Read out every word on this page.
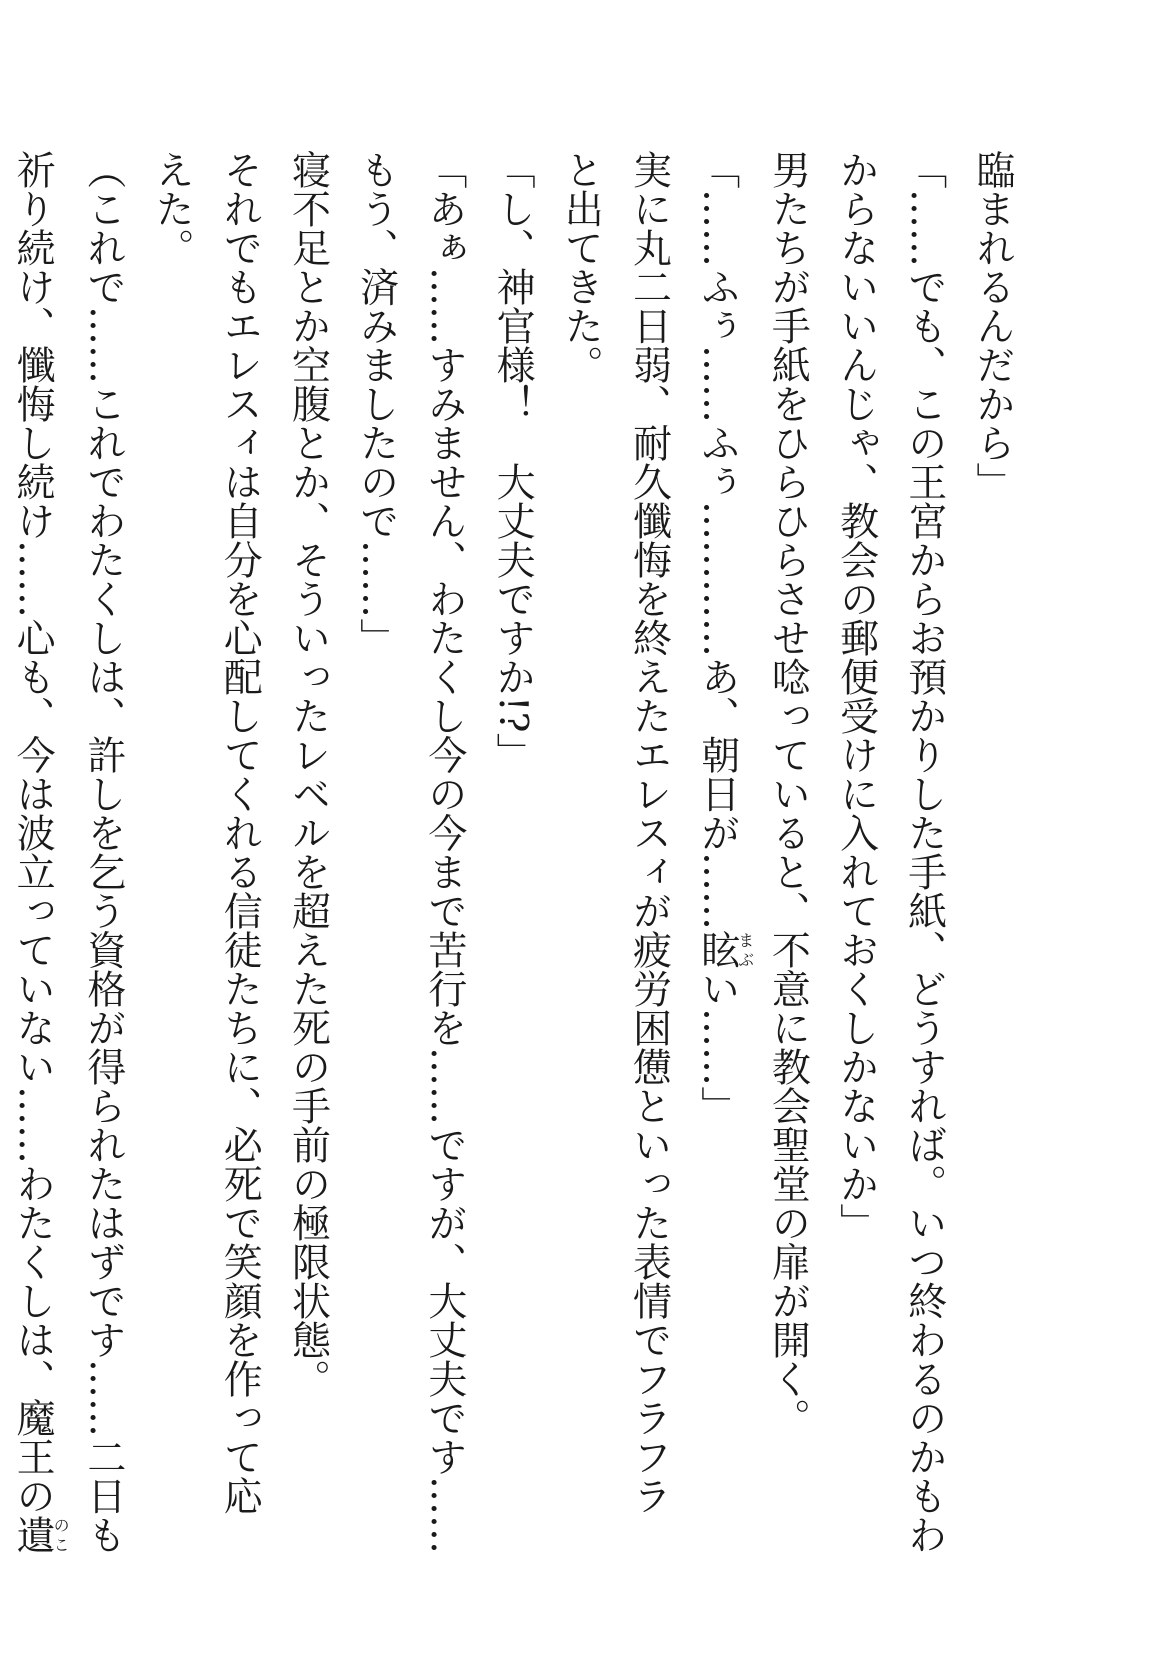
臨まれるんだから」

「……でも、この王宮からお預かりした手紙、どうすれば。いつ終わるのかもわ

からないいんじゃ、教会の郵便受けに入れておくしかないか」

男たちが手紙をひらひらさせ唸っていると、不意に教会聖堂の扉が開く。

「……ふぅ……ふぅ…………あ、朝日が……眩まぶい……」

実に丸二日弱、耐久懺悔を終えたエレスィが疲労困憊といった表情でフラフラ

と出てきた。

「し、神官様！　大丈夫ですか!?」

「あぁ……すみません、わたくし今の今まで苦行を……ですが、大丈夫です……

もう、済みましたので……」

寝不足とか空腹とか、そういったレベルを超えた死の手前の極限状態。

それでもエレスィは自分を心配してくれる信徒たちに、必死で笑顔を作って応

えた。

（これで……これでわたくしは、許しを乞う資格が得られたはずです……二日も

祈り続け、懺悔し続け……心も、今は波立っていない……わたくしは、魔王の遺のこ
